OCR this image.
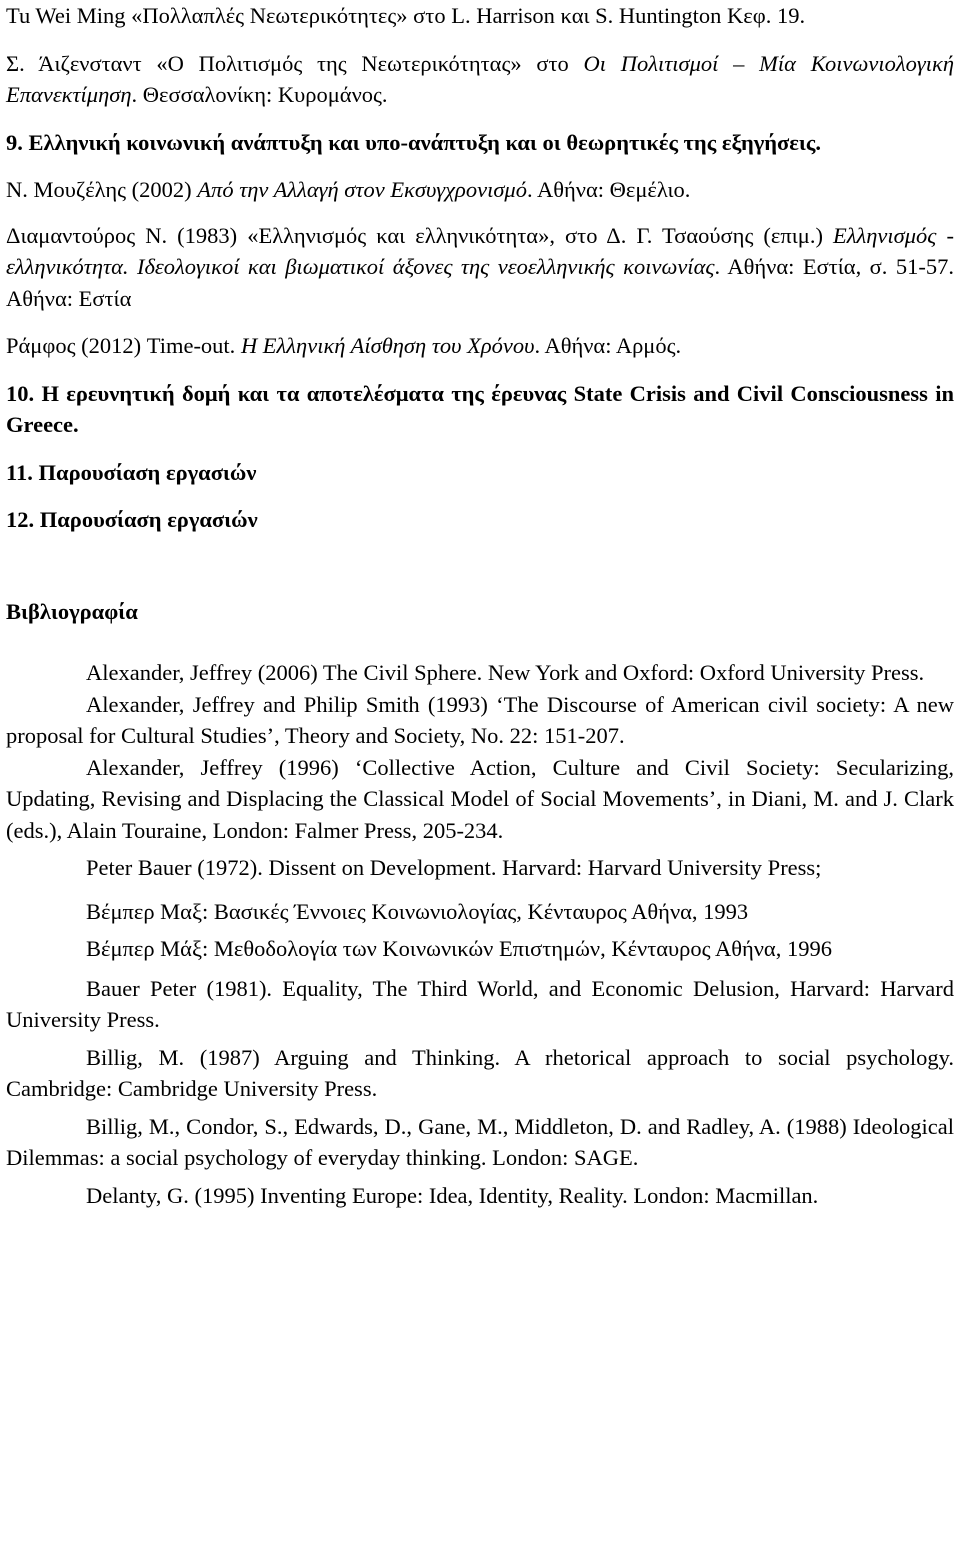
Tu Wei Ming «Πολλαπλές Νεωτερικότητες» στο L. Harrison και S. Huntington Κεφ. 19.

Σ. Άιζενσταντ «Ο Πολιτισμός της Νεωτερικότητας» στο Οι Πολιτισμοί – Μία Κοινωνιολογική Επανεκτίμηση. Θεσσαλονίκη: Κυρομάνος.

9. Ελληνική κοινωνική ανάπτυξη και υπο-ανάπτυξη και οι θεωρητικές της εξηγήσεις.

Ν. Μουζέλης (2002) Από την Αλλαγή στον Εκσυγχρονισμό. Αθήνα: Θεμέλιο.

Διαμαντούρος Ν. (1983) «Ελληνισμός και ελληνικότητα», στο Δ. Γ. Τσαούσης (επιμ.) Ελληνισμός - ελληνικότητα. Ιδεολογικοί και βιωματικοί άξονες της νεοελληνικής κοινωνίας. Αθήνα: Εστία, σ. 51-57. Αθήνα: Εστία

Ράμφος (2012) Time-out. Η Ελληνική Αίσθηση του Χρόνου. Αθήνα: Αρμός.

10. Η ερευνητική δομή και τα αποτελέσματα της έρευνας State Crisis and Civil Consciousness in Greece.

11. Παρουσίαση εργασιών

12. Παρουσίαση εργασιών

Βιβλιογραφία

Alexander, Jeffrey (2006) The Civil Sphere. New York and Oxford: Oxford University Press.

Alexander, Jeffrey and Philip Smith (1993) ‘The Discourse of American civil society: A new proposal for Cultural Studies’, Theory and Society, No. 22: 151-207.

Alexander, Jeffrey (1996) ‘Collective Action, Culture and Civil Society: Secularizing, Updating, Revising and Displacing the Classical Model of Social Movements’, in Diani, M. and J. Clark (eds.), Alain Touraine, London: Falmer Press, 205-234.

Peter Bauer (1972). Dissent on Development. Harvard: Harvard University Press;

Βέμπερ Μαξ: Βασικές Έννοιες Κοινωνιολογίας, Κένταυρος Αθήνα, 1993

Βέμπερ Μάξ: Μεθοδολογία των Κοινωνικών Επιστημών, Κένταυρος Αθήνα, 1996

Bauer Peter (1981). Equality, The Third World, and Economic Delusion, Harvard: Harvard University Press.

Billig, M. (1987) Arguing and Thinking. A rhetorical approach to social psychology. Cambridge: Cambridge University Press.

Billig, M., Condor, S., Edwards, D., Gane, M., Middleton, D. and Radley, A. (1988) Ideological Dilemmas: a social psychology of everyday thinking. London: SAGE.

Delanty, G. (1995) Inventing Europe: Idea, Identity, Reality. London: Macmillan.
